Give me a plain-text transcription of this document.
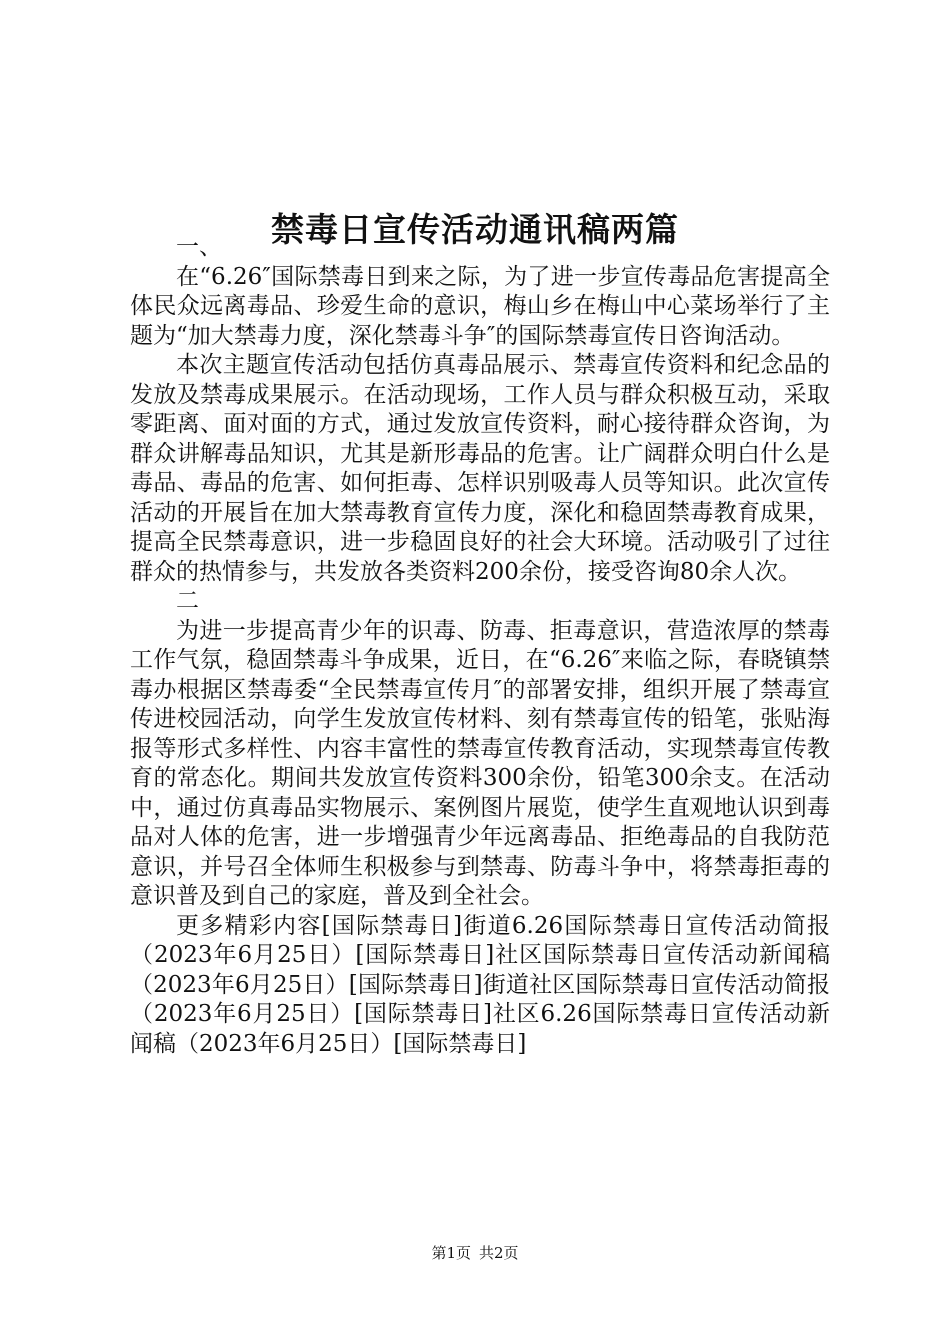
禁毒日宣传活动通讯稿两篇

一、

在“6.26″国际禁毒日到来之际，为了进一步宣传毒品危害提高全体民众远离毒品、珍爱生命的意识，梅山乡在梅山中心菜场举行了主题为“加大禁毒力度，深化禁毒斗争″的国际禁毒宣传日咨询活动。

本次主题宣传活动包括仿真毒品展示、禁毒宣传资料和纪念品的发放及禁毒成果展示。在活动现场，工作人员与群众积极互动，采取零距离、面对面的方式，通过发放宣传资料，耐心接待群众咨询，为群众讲解毒品知识，尤其是新形毒品的危害。让广阔群众明白什么是毒品、毒品的危害、如何拒毒、怎样识别吸毒人员等知识。此次宣传活动的开展旨在加大禁毒教育宣传力度，深化和稳固禁毒教育成果，提高全民禁毒意识，进一步稳固良好的社会大环境。活动吸引了过往群众的热情参与，共发放各类资料200余份，接受咨询80余人次。

二

为进一步提高青少年的识毒、防毒、拒毒意识，营造浓厚的禁毒工作气氛，稳固禁毒斗争成果，近日，在“6.26″来临之际，春晓镇禁毒办根据区禁毒委“全民禁毒宣传月″的部署安排，组织开展了禁毒宣传进校园活动，向学生发放宣传材料、刻有禁毒宣传的铅笔，张贴海报等形式多样性、内容丰富性的禁毒宣传教育活动，实现禁毒宣传教育的常态化。期间共发放宣传资料300余份，铅笔300余支。在活动中，通过仿真毒品实物展示、案例图片展览，使学生直观地认识到毒品对人体的危害，进一步增强青少年远离毒品、拒绝毒品的自我防范意识，并号召全体师生积极参与到禁毒、防毒斗争中，将禁毒拒毒的意识普及到自己的家庭，普及到全社会。

更多精彩内容[国际禁毒日]街道6.26国际禁毒日宣传活动简报（2023年6月25日）[国际禁毒日]社区国际禁毒日宣传活动新闻稿（2023年6月25日）[国际禁毒日]街道社区国际禁毒日宣传活动简报（2023年6月25日）[国际禁毒日]社区6.26国际禁毒日宣传活动新闻稿（2023年6月25日）[国际禁毒日]

第1页 共2页
